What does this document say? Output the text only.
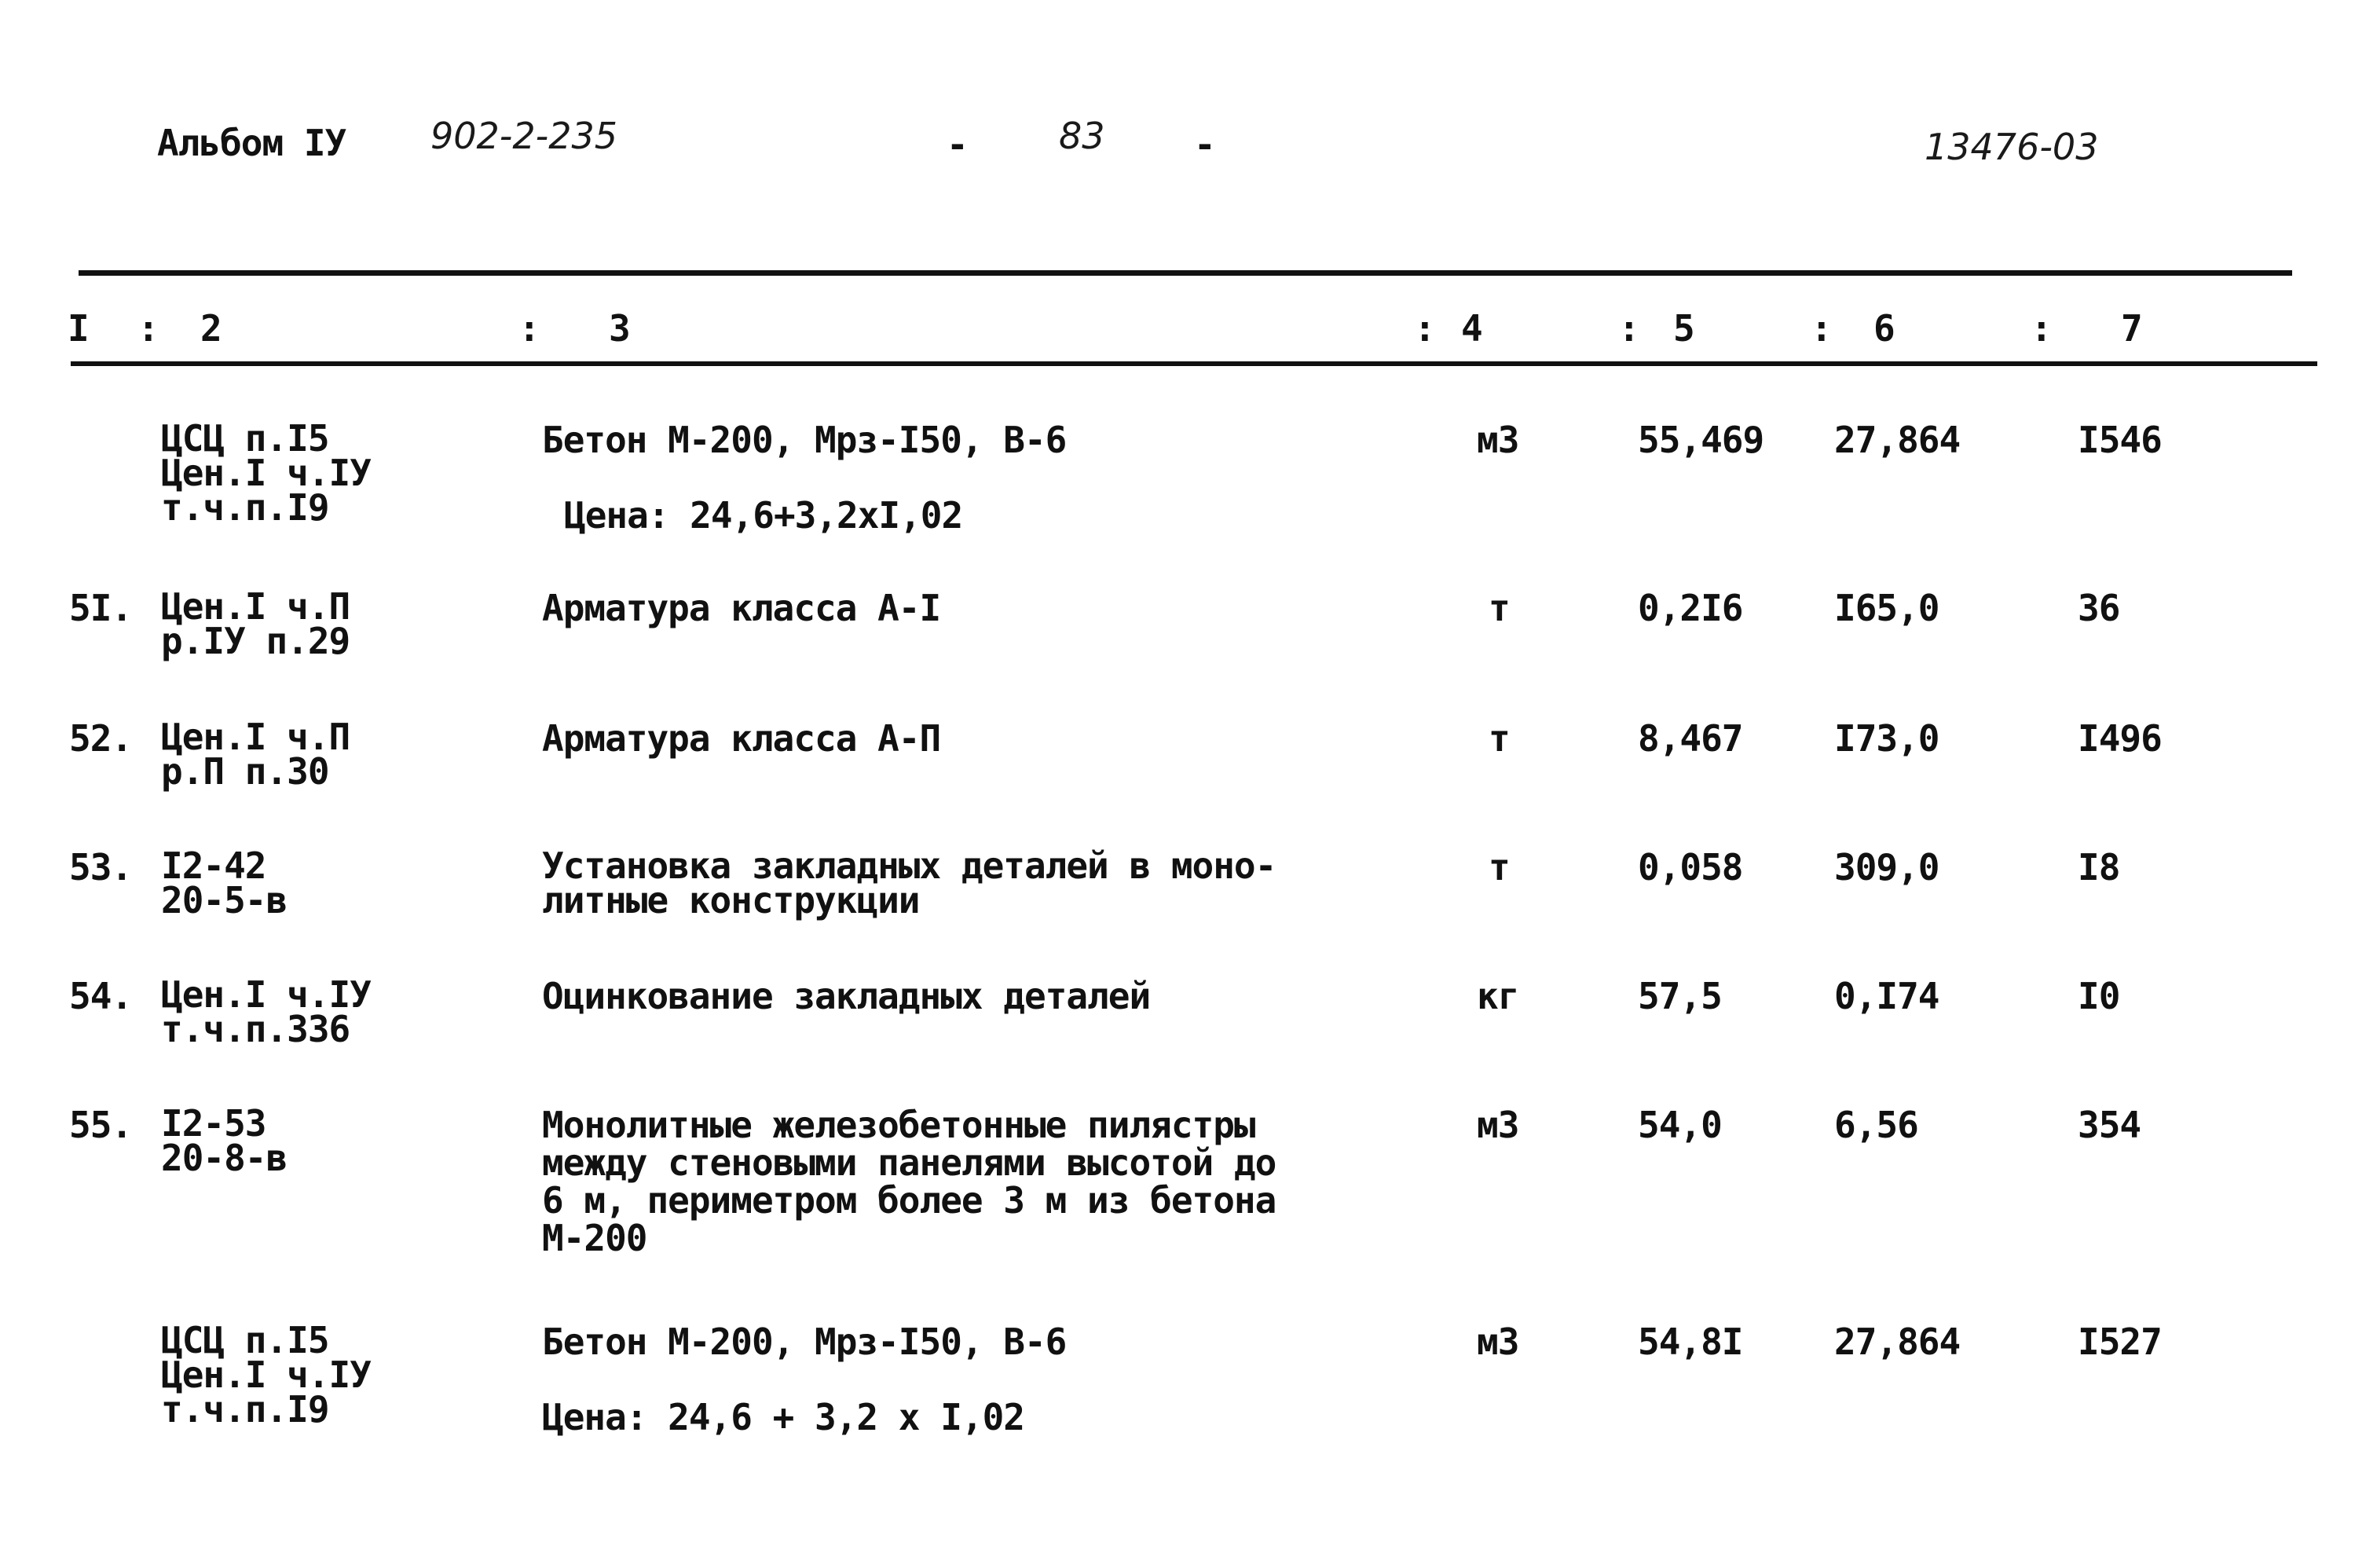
Альбом IУ 902-2-235	-	83 -	13476-03
I : 2	: 3	: 4	: 5	: 6	: 7
ЦСЦ п.I5
Цен.I ч.IУ
т.ч.п.I9
Бетон М-200, Мрз-I50, В-6
Цена: 24,6+3,2хI,02
м3	55,469 27,864	I546
5I. Цен.I ч.П
р.IУ п.29
Арматура класса А-I	т	0,2I6	I65,0	36
52. Цен.I ч.П
р.П п.30
Арматура класса А-П	т	8,467	I73,0	I496
53. I2-42
20-5-в
Установка закладных деталей в моно-
литные конструкции
т	0,058	309,0	I8
54. Цен.I ч.IУ
т.ч.п.336
Оцинкование закладных деталей	кг	57,5	0,I74	I0
55. I2-53
20-8-в
Монолитные железобетонные пилястры
между стеновыми панелями высотой до
6 м, периметром более 3 м из бетона
М-200
м3	54,0	6,56	354
ЦСЦ п.I5
Цен.I ч.IУ
т.ч.п.I9
Бетон М-200, Мрз-I50, В-6
Цена: 24,6 + 3,2 х I,02
м3	54,8I	27,864	I527
